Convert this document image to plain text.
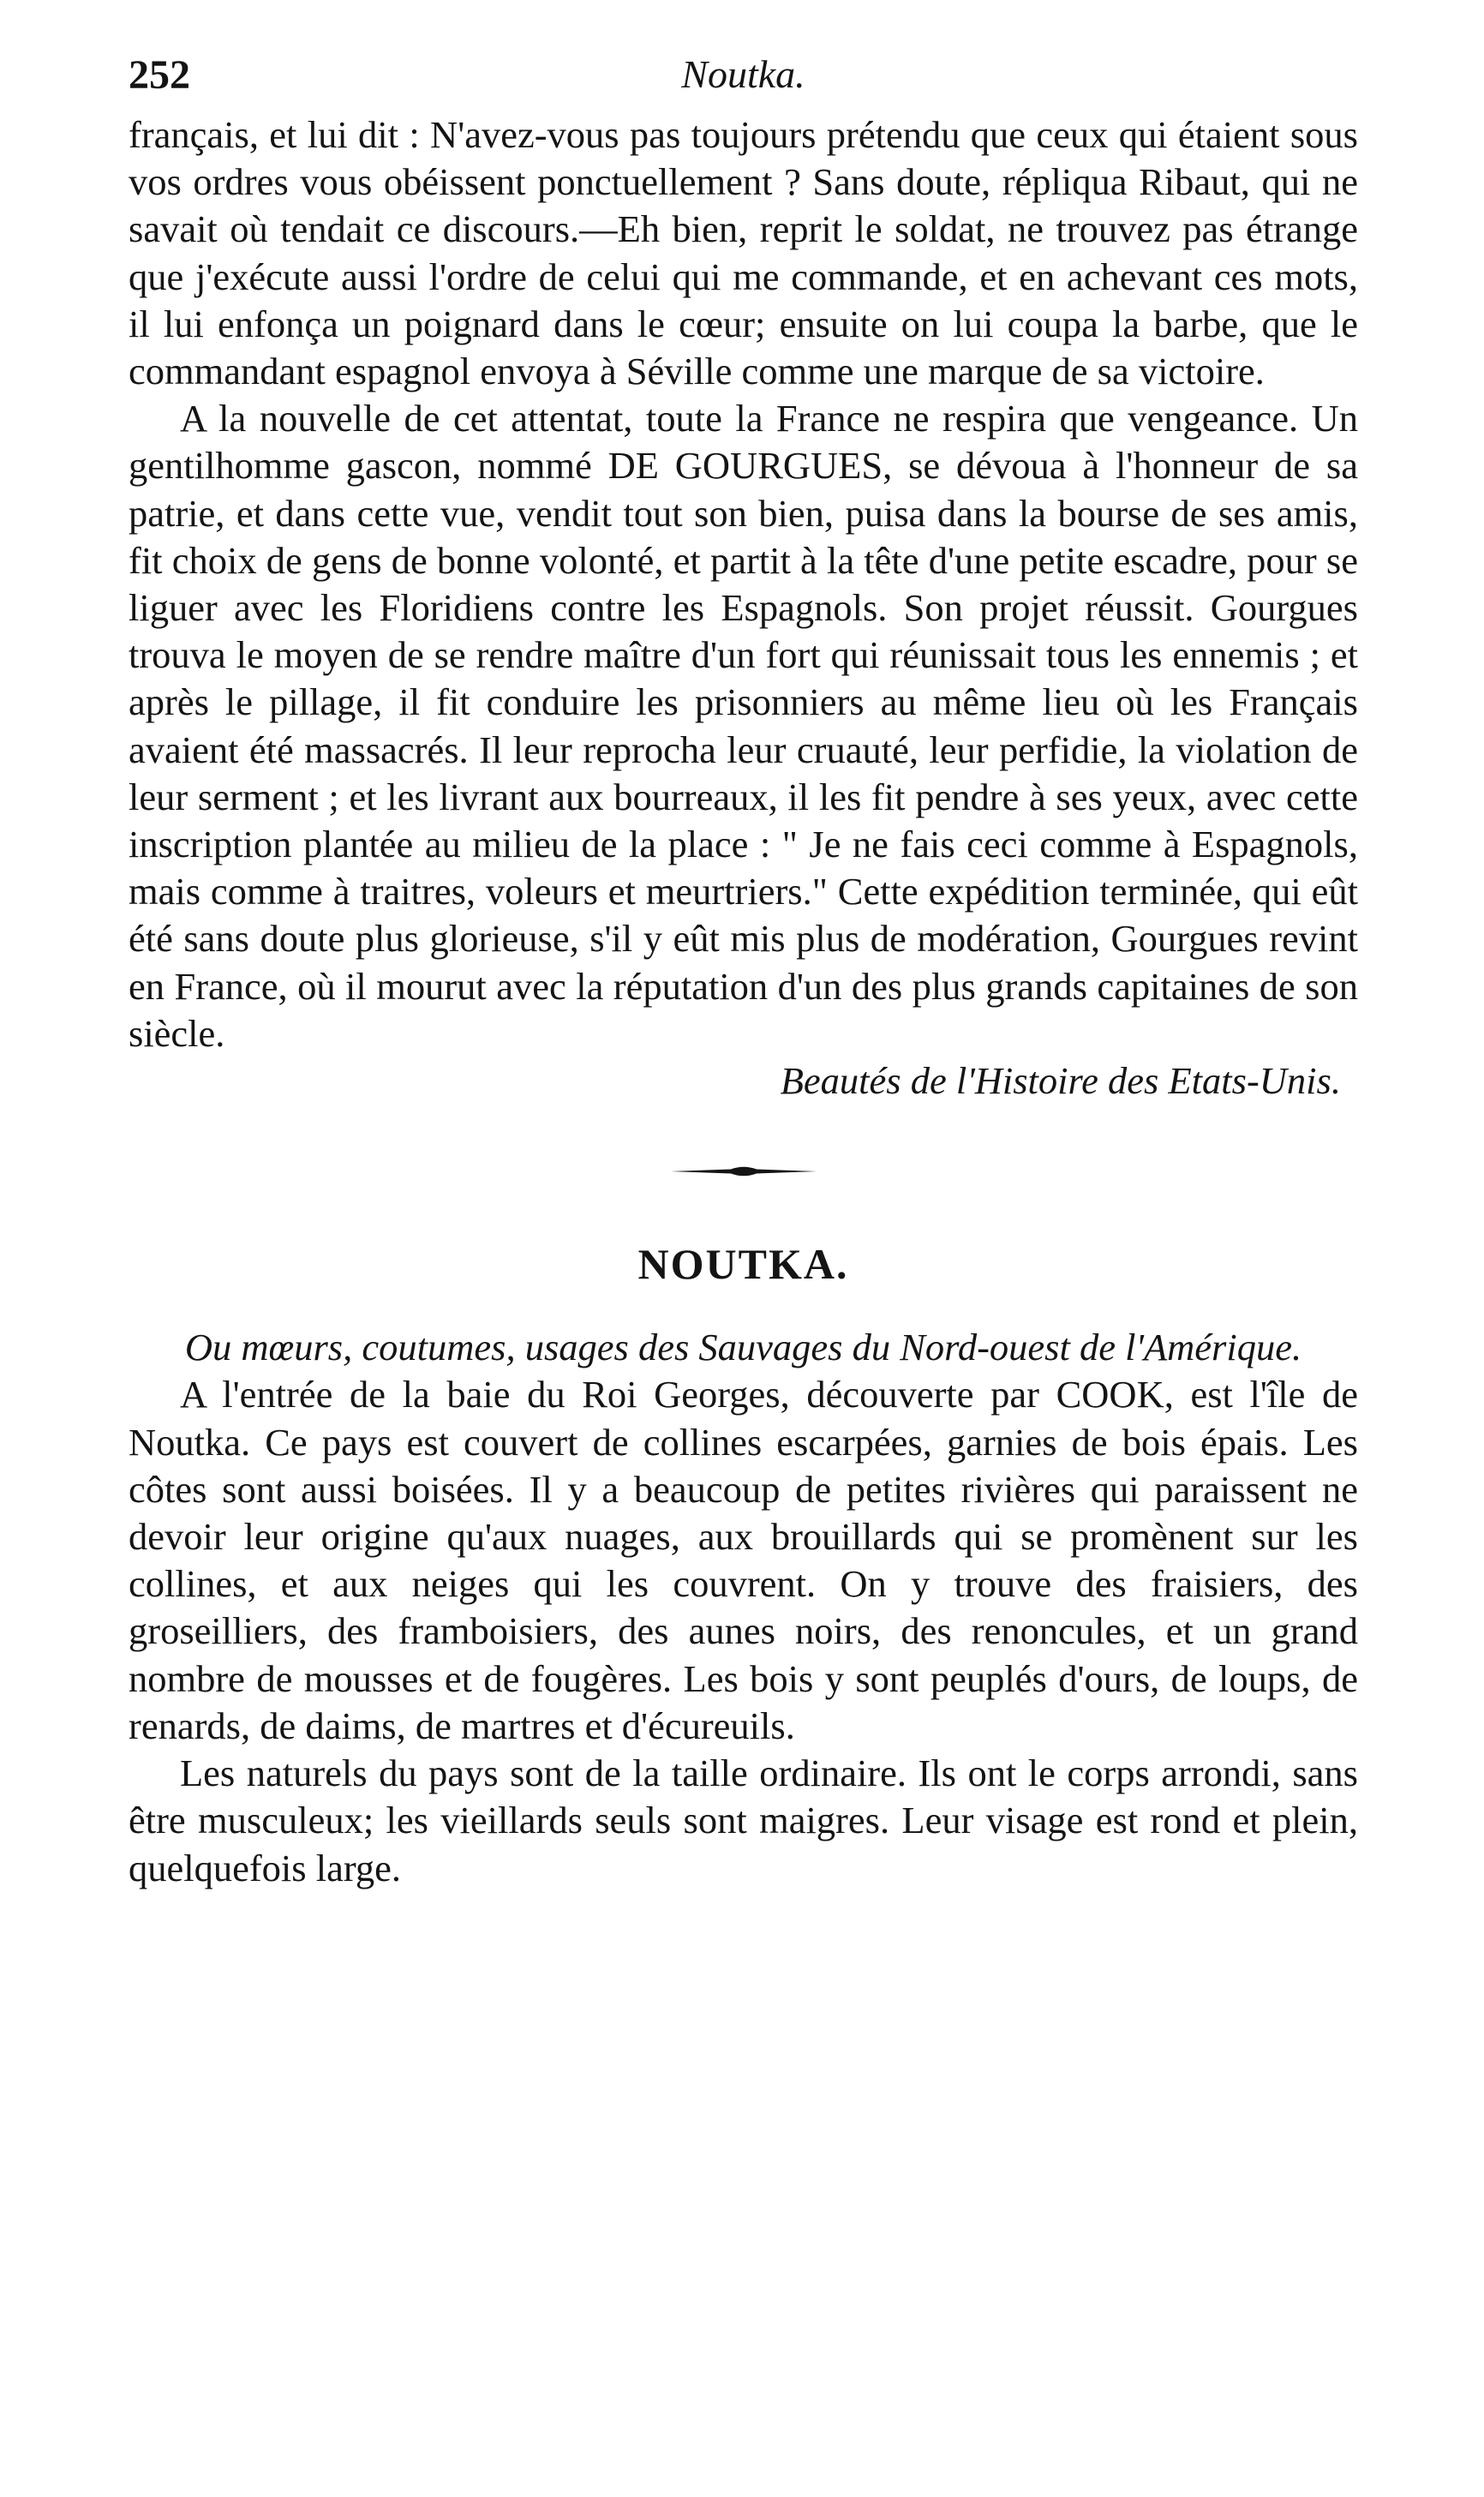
252	Noutka.

français, et lui dit : N'avez-vous pas toujours prétendu que ceux qui étaient sous vos ordres vous obéissent ponctuellement ? Sans doute, répliqua Ribaut, qui ne savait où tendait ce discours.—Eh bien, reprit le soldat, ne trouvez pas étrange que j'exécute aussi l'ordre de celui qui me commande, et en achevant ces mots, il lui enfonça un poignard dans le cœur; ensuite on lui coupa la barbe, que le commandant espagnol envoya à Séville comme une marque de sa victoire.

A la nouvelle de cet attentat, toute la France ne respira que vengeance. Un gentilhomme gascon, nommé DE GOURGUES, se dévoua à l'honneur de sa patrie, et dans cette vue, vendit tout son bien, puisa dans la bourse de ses amis, fit choix de gens de bonne volonté, et partit à la tête d'une petite escadre, pour se liguer avec les Floridiens contre les Espagnols. Son projet réussit. Gourgues trouva le moyen de se rendre maître d'un fort qui réunissait tous les ennemis ; et après le pillage, il fit conduire les prisonniers au même lieu où les Français avaient été massacrés. Il leur reprocha leur cruauté, leur perfidie, la violation de leur serment ; et les livrant aux bourreaux, il les fit pendre à ses yeux, avec cette inscription plantée au milieu de la place : " Je ne fais ceci comme à Espagnols, mais comme à traitres, voleurs et meurtriers." Cette expédition terminée, qui eût été sans doute plus glorieuse, s'il y eût mis plus de modération, Gourgues revint en France, où il mourut avec la réputation d'un des plus grands capitaines de son siècle.

Beautés de l'Histoire des Etats-Unis.

NOUTKA.

Ou mœurs, coutumes, usages des Sauvages du Nord-ouest de l'Amérique.

A l'entrée de la baie du Roi Georges, découverte par COOK, est l'île de Noutka. Ce pays est couvert de collines escarpées, garnies de bois épais. Les côtes sont aussi boisées. Il y a beaucoup de petites rivières qui paraissent ne devoir leur origine qu'aux nuages, aux brouillards qui se promènent sur les collines, et aux neiges qui les couvrent. On y trouve des fraisiers, des groseilliers, des framboisiers, des aunes noirs, des renoncules, et un grand nombre de mousses et de fougères. Les bois y sont peuplés d'ours, de loups, de renards, de daims, de martres et d'écureuils.

Les naturels du pays sont de la taille ordinaire. Ils ont le corps arrondi, sans être musculeux; les vieillards seuls sont maigres. Leur visage est rond et plein, quelquefois large.
